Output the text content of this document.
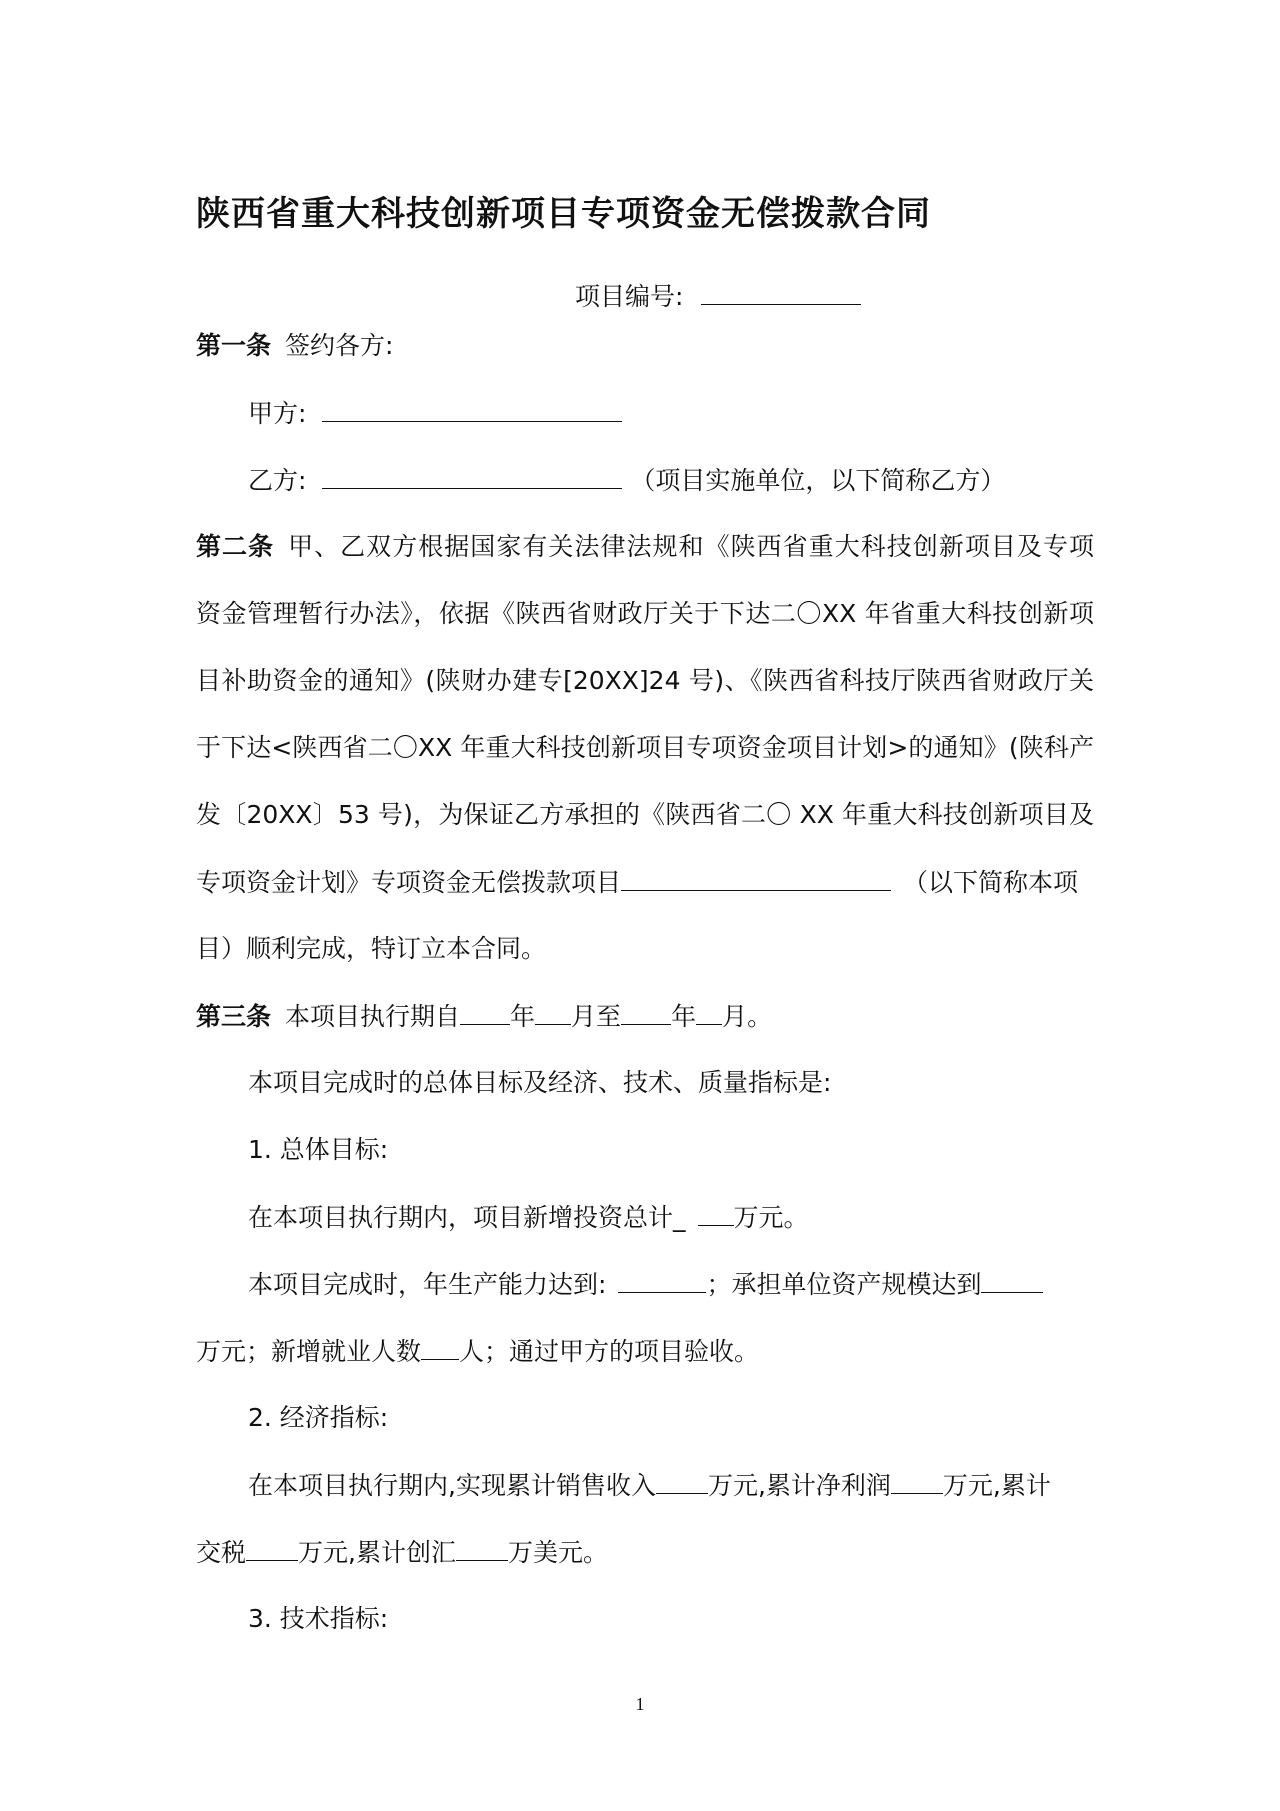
陕西省重大科技创新项目专项资金无偿拨款合同
项目编号:
第一条 签约各方:
甲方:
乙方:	（项目实施单位，以下简称乙方）
第二条 甲、乙双方根据国家有关法律法规和《陕西省重大科技创新项目及专项
资金管理暂行办法》，依据《陕西省财政厅关于下达二〇XX 年省重大科技创新项
目补助资金的通知》(陕财办建专[20XX]24 号)、《陕西省科技厅陕西省财政厅关
于下达<陕西省二〇XX 年重大科技创新项目专项资金项目计划>的通知》(陕科产
发〔20XX〕53 号)，为保证乙方承担的《陕西省二〇 XX 年重大科技创新项目及
专项资金计划》专项资金无偿拨款项目	（以下简称本项
目）顺利完成，特订立本合同。
第三条 本项目执行期自 年 月至 年 月。
本项目完成时的总体目标及经济、技术、质量指标是:
1. 总体目标:
在本项目执行期内，项目新增投资总计_ 万元。
本项目完成时，年生产能力达到:	；承担单位资产规模达到
万元；新增就业人数 人；通过甲方的项目验收。
2. 经济指标:
在本项目执行期内,实现累计销售收入 万元,累计净利润 万元,累计
交税 万元,累计创汇 万美元。
3. 技术指标:
1
